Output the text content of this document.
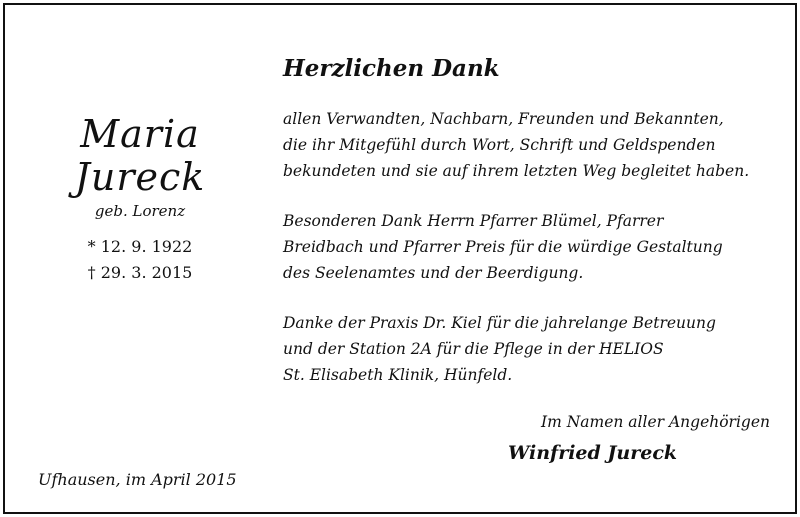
Maria
Jureck
geb. Lorenz
* 12. 9. 1922
† 29. 3. 2015
Ufhausen, im April 2015
Herzlichen Dank
allen Verwandten, Nachbarn, Freunden und Bekannten,
die ihr Mitgefühl durch Wort, Schrift und Geldspenden
bekundeten und sie auf ihrem letzten Weg begleitet haben.
Besonderen Dank Herrn Pfarrer Blümel, Pfarrer
Breidbach und Pfarrer Preis für die würdige Gestaltung
des Seelenamtes und der Beerdigung.
Danke der Praxis Dr. Kiel für die jahrelange Betreuung
und der Station 2A für die Pflege in der HELIOS
St. Elisabeth Klinik, Hünfeld.
Im Namen aller Angehörigen
Winfried Jureck
